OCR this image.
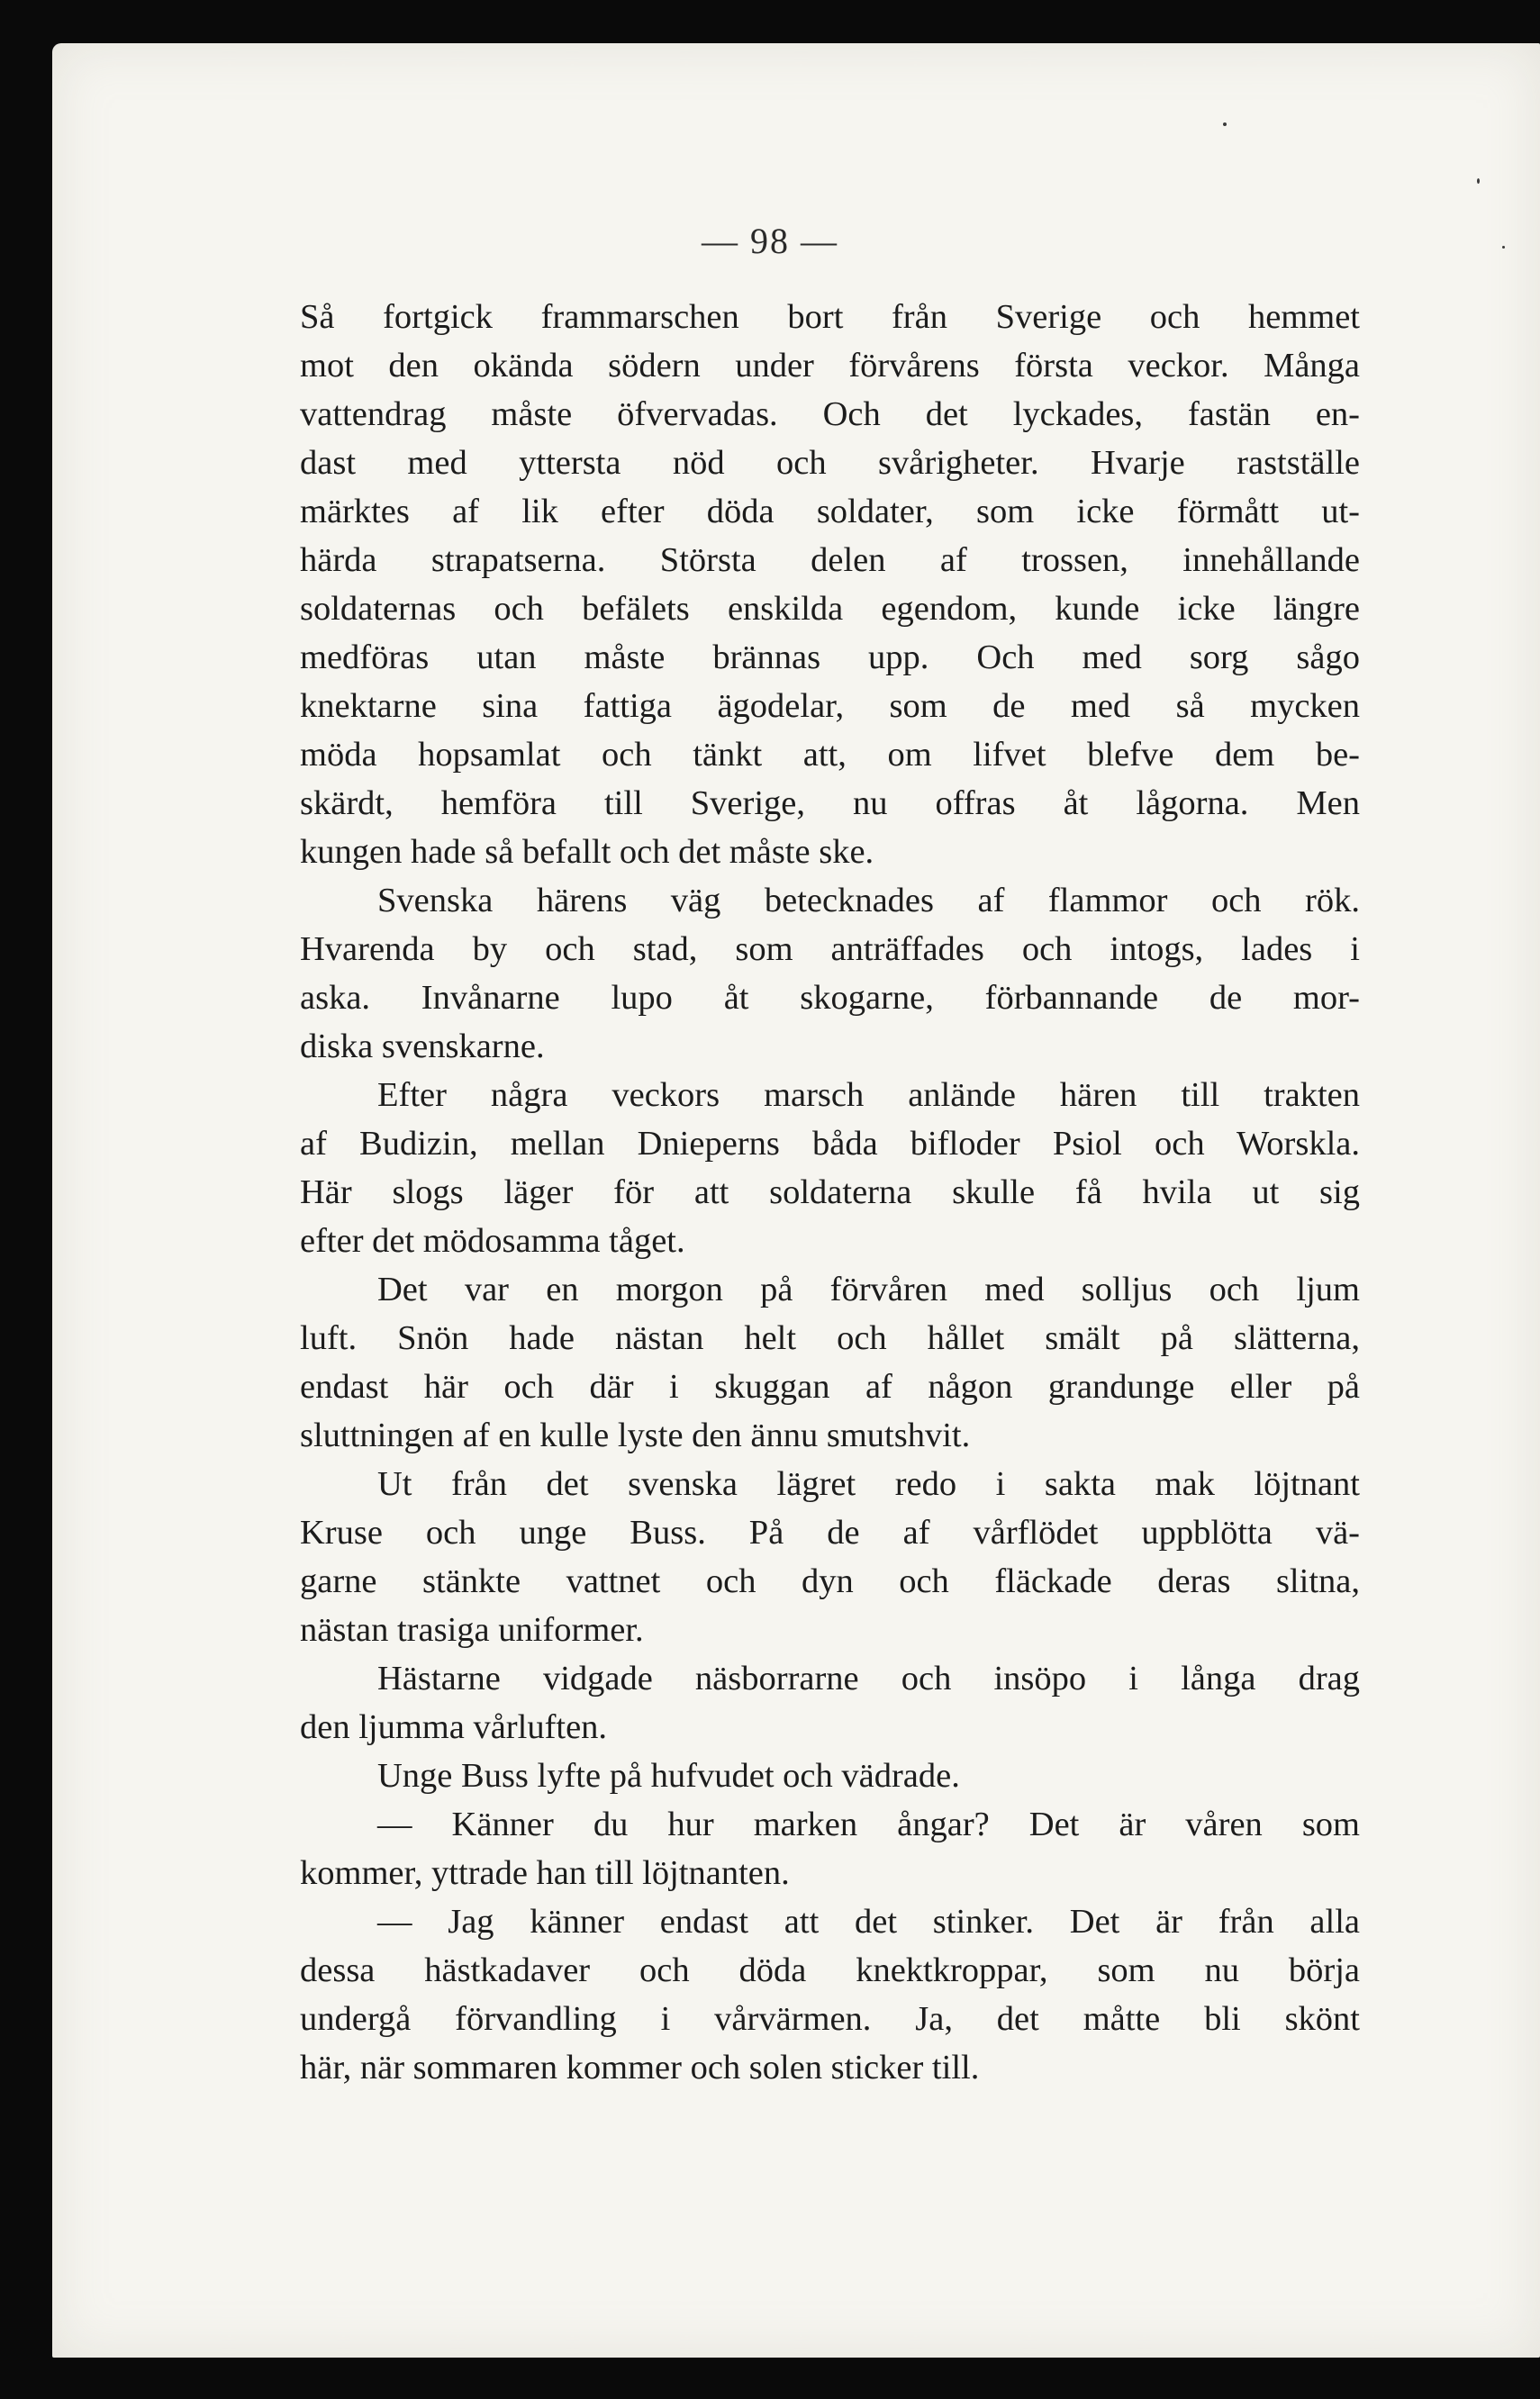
— 98 —
Så fortgick frammarschen bort från Sverige och hemmet
mot den okända södern under förvårens första veckor. Många
vattendrag måste öfvervadas. Och det lyckades, fastän en-
dast med yttersta nöd och svårigheter. Hvarje rastställe
märktes af lik efter döda soldater, som icke förmått ut-
härda strapatserna. Största delen af trossen, innehållande
soldaternas och befälets enskilda egendom, kunde icke längre
medföras utan måste brännas upp. Och med sorg sågo
knektarne sina fattiga ägodelar, som de med så mycken
möda hopsamlat och tänkt att, om lifvet blefve dem be-
skärdt, hemföra till Sverige, nu offras åt lågorna. Men
kungen hade så befallt och det måste ske.
Svenska härens väg betecknades af flammor och rök.
Hvarenda by och stad, som anträffades och intogs, lades i
aska. Invånarne lupo åt skogarne, förbannande de mor-
diska svenskarne.
Efter några veckors marsch anlände hären till trakten
af Budizin, mellan Dnieperns båda bifloder Psiol och Worskla.
Här slogs läger för att soldaterna skulle få hvila ut sig
efter det mödosamma tåget.
Det var en morgon på förvåren med solljus och ljum
luft. Snön hade nästan helt och hållet smält på slätterna,
endast här och där i skuggan af någon grandunge eller på
sluttningen af en kulle lyste den ännu smutshvit.
Ut från det svenska lägret redo i sakta mak löjtnant
Kruse och unge Buss. På de af vårflödet uppblötta vä-
garne stänkte vattnet och dyn och fläckade deras slitna,
nästan trasiga uniformer.
Hästarne vidgade näsborrarne och insöpo i långa drag
den ljumma vårluften.
Unge Buss lyfte på hufvudet och vädrade.
— Känner du hur marken ångar? Det är våren som
kommer, yttrade han till löjtnanten.
— Jag känner endast att det stinker. Det är från alla
dessa hästkadaver och döda knektkroppar, som nu börja
undergå förvandling i vårvärmen. Ja, det måtte bli skönt
här, när sommaren kommer och solen sticker till.
